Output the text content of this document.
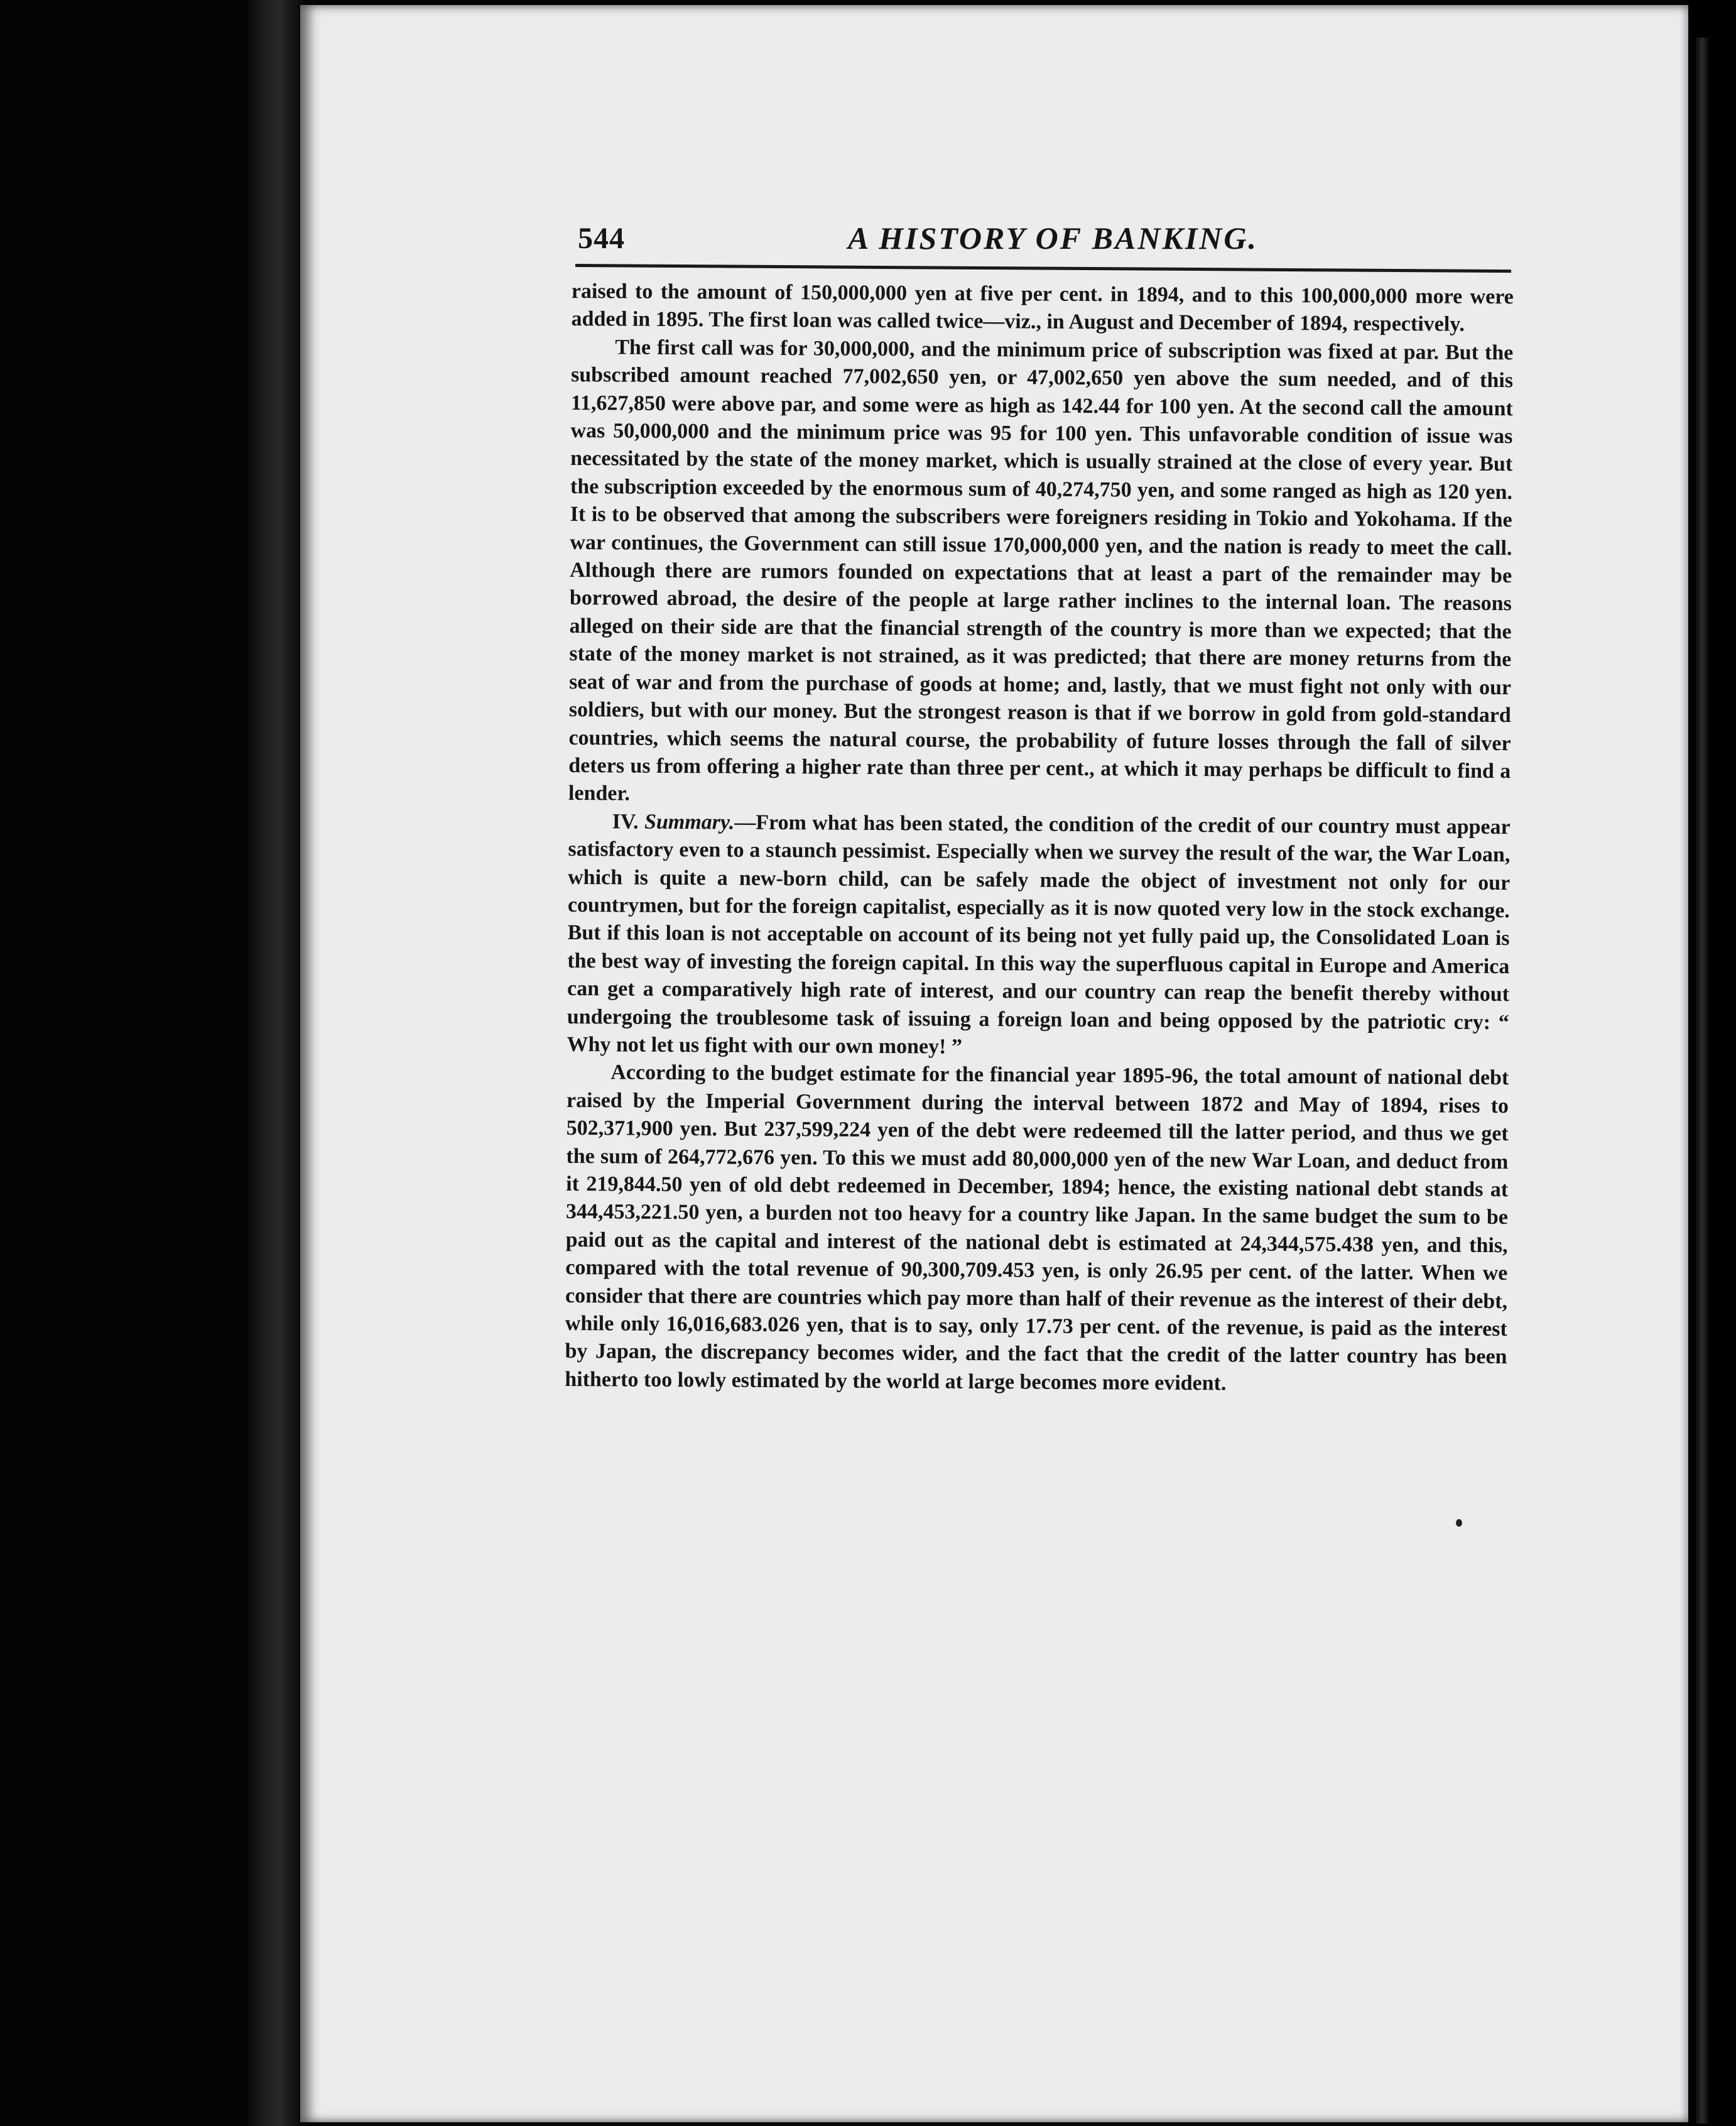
544	A HISTORY OF BANKING.

raised to the amount of 150,000,000 yen at five per cent. in 1894, and to this 100,000,000 more were added in 1895. The first loan was called twice—viz., in August and December of 1894, respectively.

The first call was for 30,000,000, and the minimum price of subscription was fixed at par. But the subscribed amount reached 77,002,650 yen, or 47,002,650 yen above the sum needed, and of this 11,627,850 were above par, and some were as high as 142.44 for 100 yen. At the second call the amount was 50,000,000 and the minimum price was 95 for 100 yen. This unfavorable condition of issue was necessitated by the state of the money market, which is usually strained at the close of every year. But the subscription exceeded by the enormous sum of 40,274,750 yen, and some ranged as high as 120 yen. It is to be observed that among the subscribers were foreigners residing in Tokio and Yokohama. If the war continues, the Government can still issue 170,000,000 yen, and the nation is ready to meet the call. Although there are rumors founded on expectations that at least a part of the remainder may be borrowed abroad, the desire of the people at large rather inclines to the internal loan. The reasons alleged on their side are that the financial strength of the country is more than we expected; that the state of the money market is not strained, as it was predicted; that there are money returns from the seat of war and from the purchase of goods at home; and, lastly, that we must fight not only with our soldiers, but with our money. But the strongest reason is that if we borrow in gold from gold-standard countries, which seems the natural course, the probability of future losses through the fall of silver deters us from offering a higher rate than three per cent., at which it may perhaps be difficult to find a lender.

IV. Summary.—From what has been stated, the condition of the credit of our country must appear satisfactory even to a staunch pessimist. Especially when we survey the result of the war, the War Loan, which is quite a new-born child, can be safely made the object of investment not only for our countrymen, but for the foreign capitalist, especially as it is now quoted very low in the stock exchange. But if this loan is not acceptable on account of its being not yet fully paid up, the Consolidated Loan is the best way of investing the foreign capital. In this way the superfluous capital in Europe and America can get a comparatively high rate of interest, and our country can reap the benefit thereby without undergoing the troublesome task of issuing a foreign loan and being opposed by the patriotic cry: “ Why not let us fight with our own money! ”

According to the budget estimate for the financial year 1895-96, the total amount of national debt raised by the Imperial Government during the interval between 1872 and May of 1894, rises to 502,371,900 yen. But 237,599,224 yen of the debt were redeemed till the latter period, and thus we get the sum of 264,772,676 yen. To this we must add 80,000,000 yen of the new War Loan, and deduct from it 219,844.50 yen of old debt redeemed in December, 1894; hence, the existing national debt stands at 344,453,221.50 yen, a burden not too heavy for a country like Japan. In the same budget the sum to be paid out as the capital and interest of the national debt is estimated at 24,344,575.438 yen, and this, compared with the total revenue of 90,300,709.453 yen, is only 26.95 per cent. of the latter. When we consider that there are countries which pay more than half of their revenue as the interest of their debt, while only 16,016,683.026 yen, that is to say, only 17.73 per cent. of the revenue, is paid as the interest by Japan, the discrepancy becomes wider, and the fact that the credit of the latter country has been hitherto too lowly estimated by the world at large becomes more evident.
